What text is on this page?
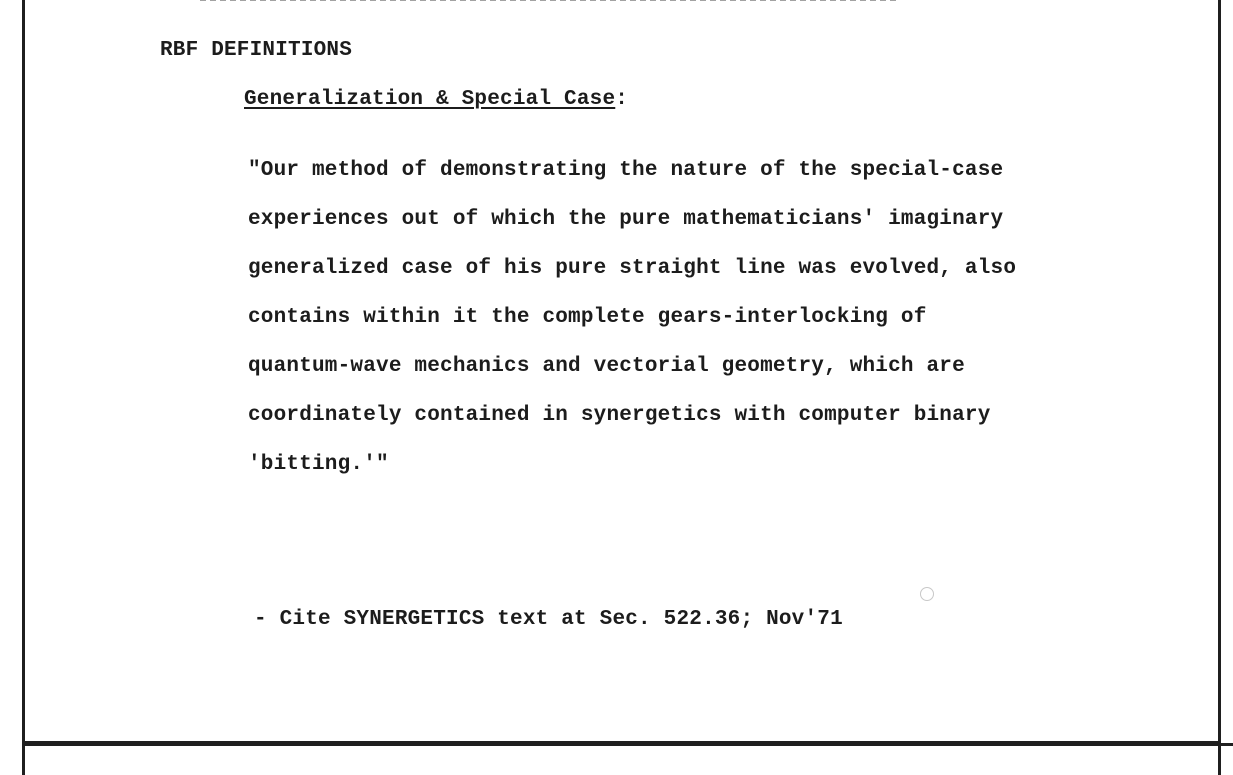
RBF DEFINITIONS
Generalization & Special Case:

"Our method of demonstrating the nature of the special-case

experiences out of which the pure mathematicians' imaginary

generalized case of his pure straight line was evolved, also

contains within it the complete gears-interlocking of

quantum-wave mechanics and vectorial geometry, which are

coordinately contained in synergetics with computer binary

'bitting.'"

- Cite SYNERGETICS text at Sec. 522.36; Nov'71
